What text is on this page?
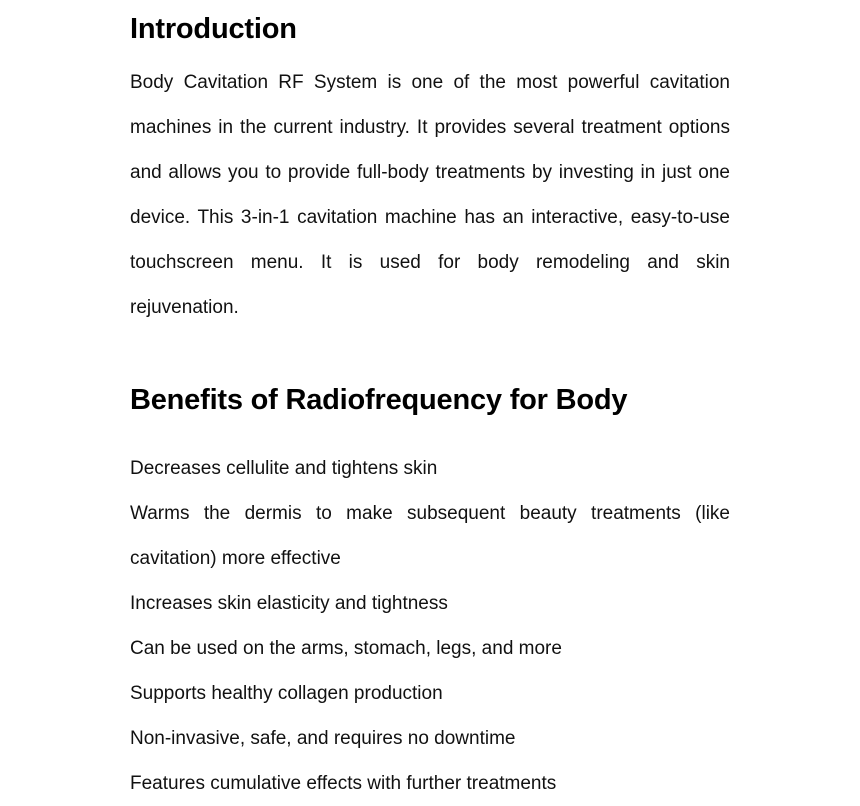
Introduction

Body Cavitation RF System is one of the most powerful cavitation machines in the current industry. It provides several treatment options and allows you to provide full-body treatments by investing in just one device. This 3-in-1 cavitation machine has an interactive, easy-to-use touchscreen menu. It is used for body remodeling and skin rejuvenation.

Benefits of Radiofrequency for Body
Decreases cellulite and tightens skin
Warms the dermis to make subsequent beauty treatments (like cavitation) more effective
Increases skin elasticity and tightness
Can be used on the arms, stomach, legs, and more
Supports healthy collagen production
Non-invasive, safe, and requires no downtime
Features cumulative effects with further treatments
